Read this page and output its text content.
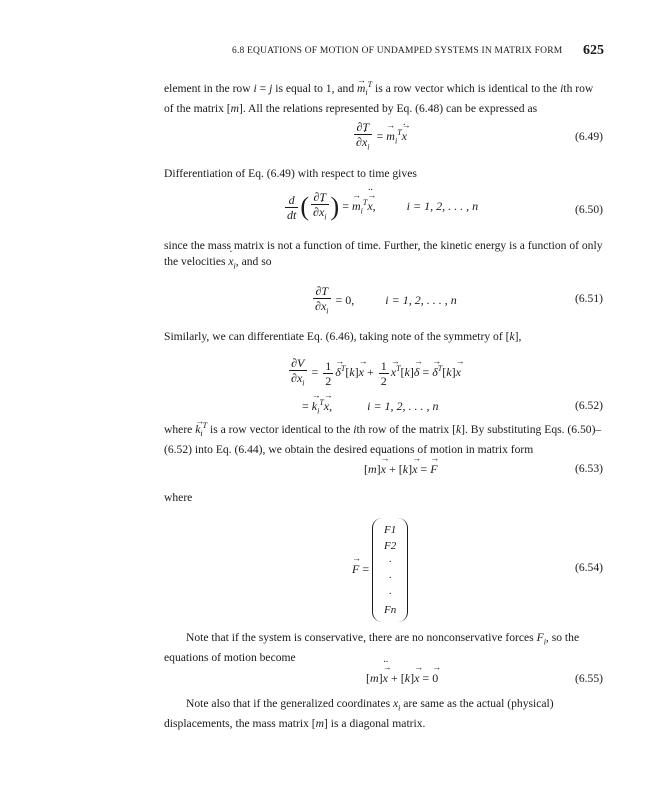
6.8 EQUATIONS OF MOTION OF UNDAMPED SYSTEMS IN MATRIX FORM 625

element in the row i = j is equal to 1, and → $m_i^T$ is a row vector which is identical to the ith row of the matrix [m]. All the relations represented by Eq. (6.48) can be expressed as

$\frac{\partial T}{\partial x \cdot_i}$ = → $m_i^T\to x$ ·	(6.49)

Differentiation of Eq. (6.49) with respect to time gives

$\frac{d}{dt}$ ( $\frac{\partial T}{\partial x \cdot_i}$ ) = → $m_i^T\to x$ ··, i = 1, 2, . . . , n	(6.50)

since the mass matrix is not a function of time. Further, the kinetic energy is a function of only the velocities $x \cdot_i$, and so

$\frac{\partial T}{\partial x_i} = 0$,	i = 1, 2, . . . , n	(6.51)

Similarly, we can differentiate Eq. (6.46), taking note of the symmetry of [k],

$\frac{\partial V}{\partial x_i} = \frac{1}{2}$
→ $\delta^T[k]\to x + \frac{1}{2}$
→ $x^T[k]\to \delta$ = → $\delta^T[k]\to x$
= → $k_i^T\to x$,	i = 1, 2, . . . , n	(6.52)

where → $k_i^T$ is a row vector identical to the ith row of the matrix [k]. By substituting Eqs. (6.50)–(6.52) into Eq. (6.44), we obtain the desired equations of motion in matrix form

[m]→ x ·· + [k]→ x = → F	(6.53)

where

→ F =
F1
F2
·
·
·
Fn
(6.54)

Note that if the system is conservative, there are no nonconservative forces $F_i$, so the equations of motion become

[m]→ x ·· + [k]→ x = → 0	(6.55)

Note also that if the generalized coordinates $x_i$ are same as the actual (physical) displacements, the mass matrix [m] is a diagonal matrix.
